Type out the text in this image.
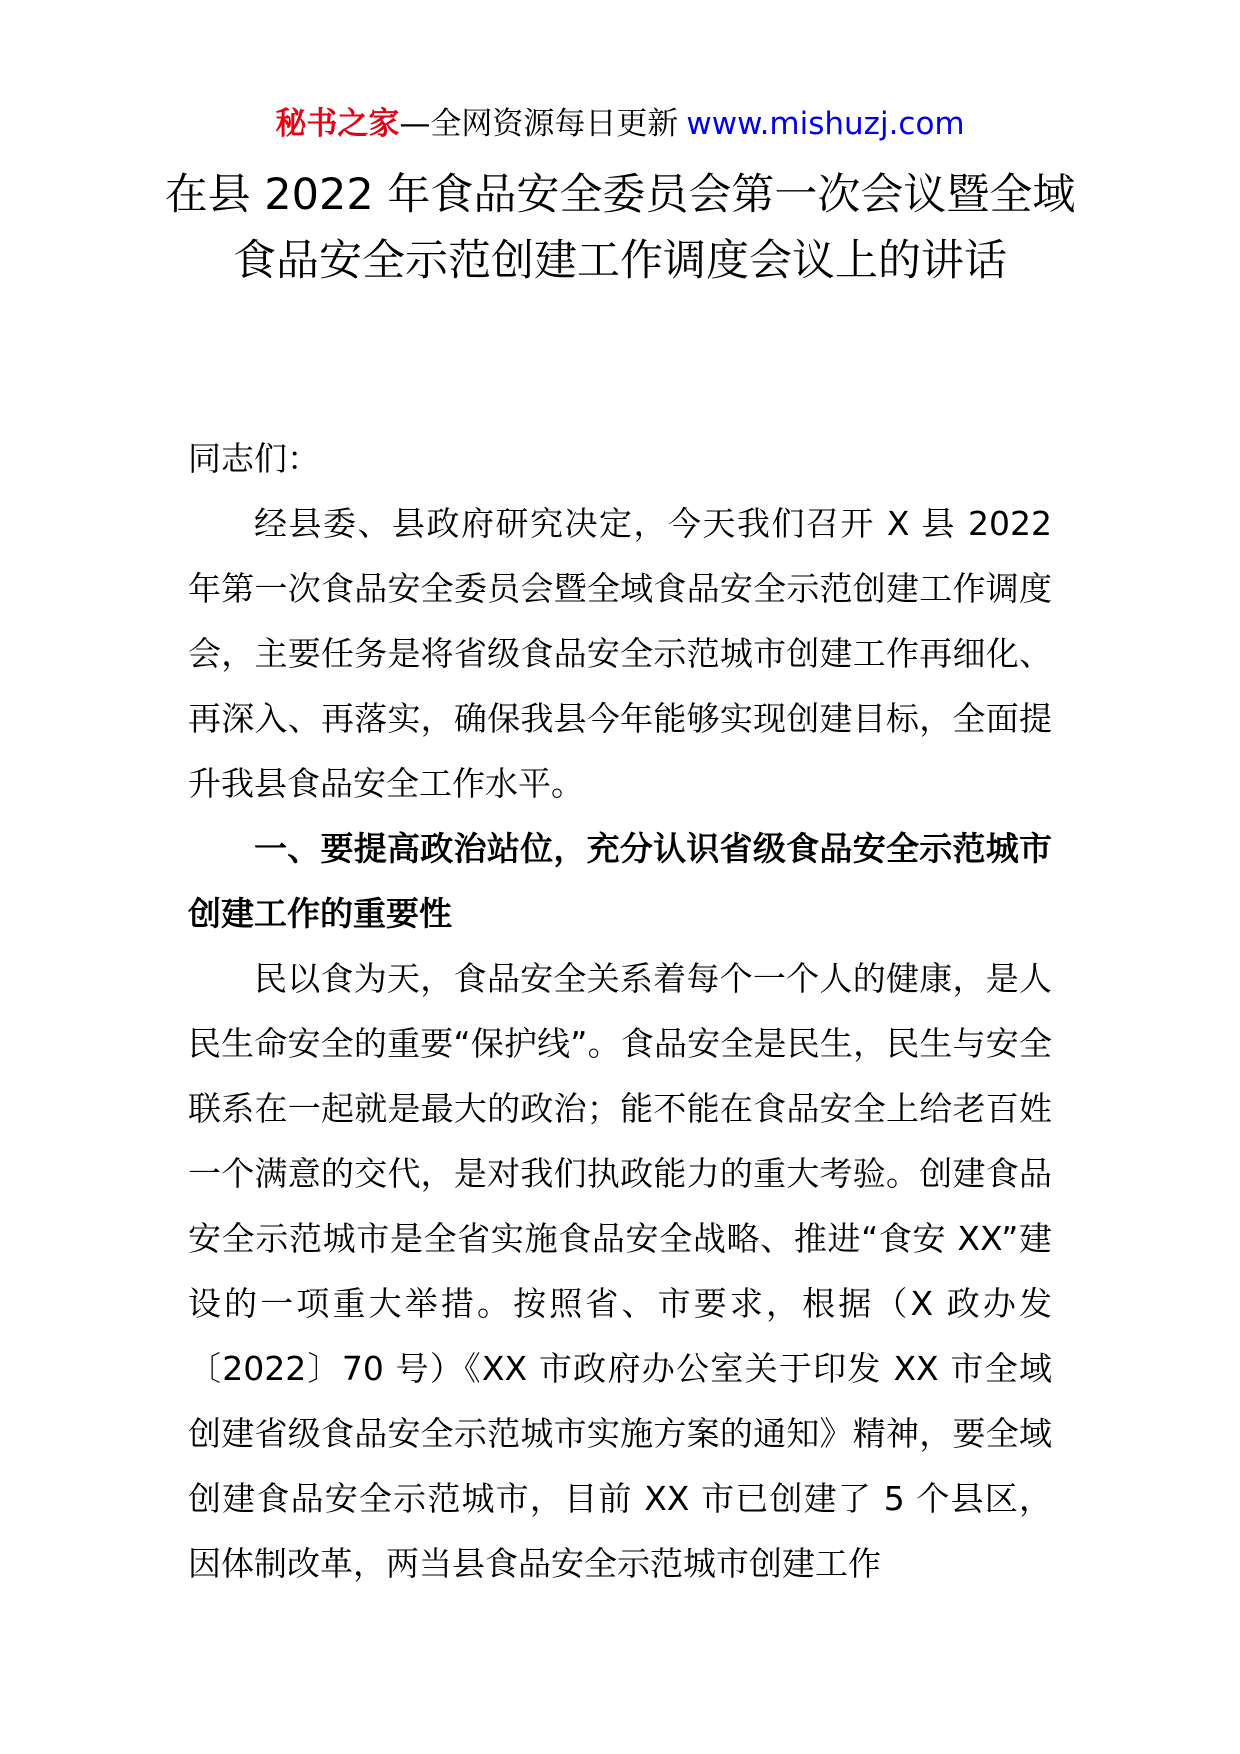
秘书之家—全网资源每日更新 www.mishuzj.com
在县 2022 年食品安全委员会第一次会议暨全域食品安全示范创建工作调度会议上的讲话

同志们：

经县委、县政府研究决定，今天我们召开 X 县 2022 年第一次食品安全委员会暨全域食品安全示范创建工作调度会，主要任务是将省级食品安全示范城市创建工作再细化、再深入、再落实，确保我县今年能够实现创建目标，全面提升我县食品安全工作水平。

一、要提高政治站位，充分认识省级食品安全示范城市创建工作的重要性

民以食为天，食品安全关系着每个一个人的健康，是人民生命安全的重要“保护线”。食品安全是民生，民生与安全联系在一起就是最大的政治；能不能在食品安全上给老百姓一个满意的交代，是对我们执政能力的重大考验。创建食品安全示范城市是全省实施食品安全战略、推进“食安 XX”建设的一项重大举措。按照省、市要求，根据（X 政办发〔2022〕70 号）《XX 市政府办公室关于印发 XX 市全域创建省级食品安全示范城市实施方案的通知》精神，要全域创建食品安全示范城市，目前 XX 市已创建了 5 个县区，因体制改革，两当县食品安全示范城市创建工作
